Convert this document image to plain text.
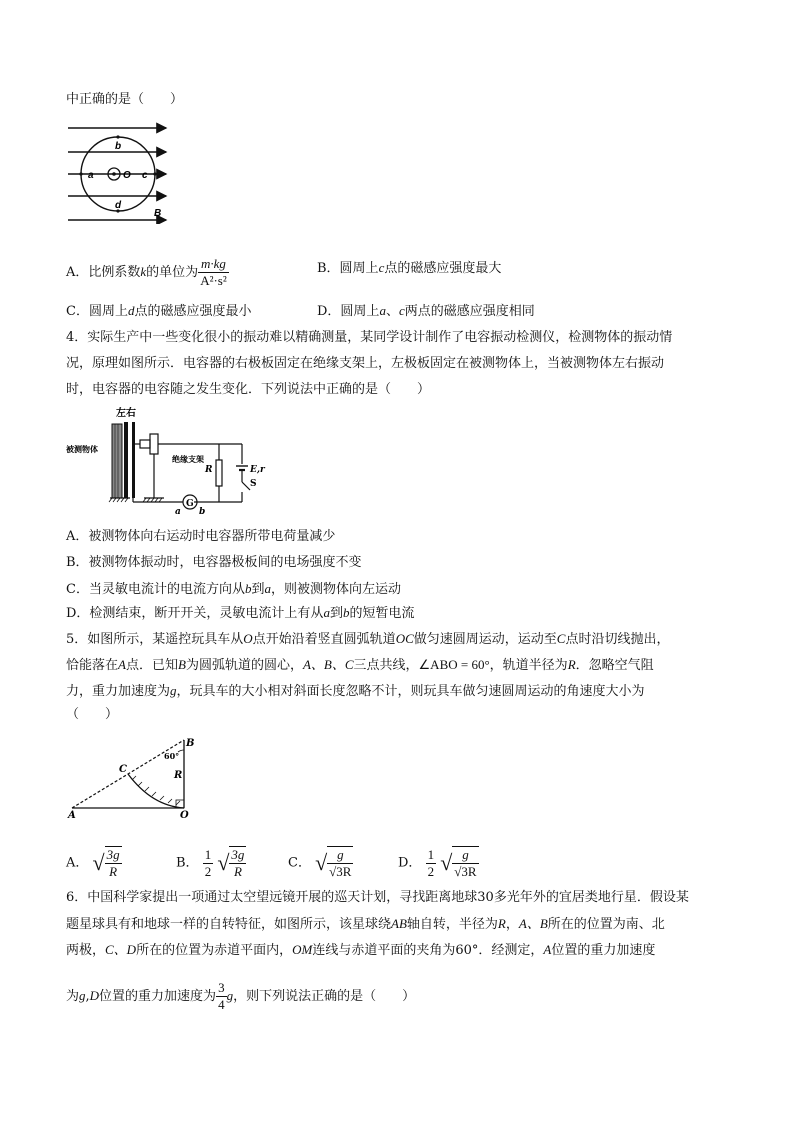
中正确的是（　　）
b
a	c
O
d
B
A．比例系数k的单位为 $\frac{m\cdot kg}{\text{A²·s²}}$	B．圆周上c点的磁感应强度最大
C．圆周上d点的磁感应强度最小	D．圆周上a、c两点的磁感应强度相同
4．实际生产中一些变化很小的振动难以精确测量，某同学设计制作了电容振动检测仪，检测物体的振动情
况，原理如图所示．电容器的右极板固定在绝缘支架上，左极板固定在被测物体上，当被测物体左右振动
时，电容器的电容随之发生变化．下列说法中正确的是（　　）
左右
被测物体
绝缘支架
E,r
S
R
G
a b
A．被测物体向右运动时电容器所带电荷量减少
B．被测物体振动时，电容器极板间的电场强度不变
C．当灵敏电流计的电流方向从b到a，则被测物体向左运动
D．检测结束，断开开关，灵敏电流计上有从a到b的短暂电流
5．如图所示，某遥控玩具车从O点开始沿着竖直圆弧轨道OC做匀速圆周运动，运动至C点时沿切线抛出，
恰能落在A点．已知B为圆弧轨道的圆心，A、B、C三点共线，∠ABO = 60°，轨道半径为R．忽略空气阻
力，重力加速度为g，玩具车的大小相对斜面长度忽略不计，则玩具车做匀速圆周运动的角速度大小为
（　　）
B
60°
C
R
A	O
A． √ $\frac{3g}{R}$	B． $\frac{1}{2}$ √ $\frac{3g}{R}$	C． √ $\frac{g}{√3R}$	D． $\frac{1}{2}$ √ $\frac{g}{√3R}$
6．中国科学家提出一项通过太空望远镜开展的巡天计划，寻找距离地球30多光年外的宜居类地行星．假设某
题星球具有和地球一样的自转特征，如图所示，该星球绕AB轴自转，半径为R，A、B所在的位置为南、北
两极，C、D所在的位置为赤道平面内，OM连线与赤道平面的夹角为60°．经测定，A位置的重力加速度
为g,D位置的重力加速度为 $\frac{3}{4}$ g，则下列说法正确的是（　　）
